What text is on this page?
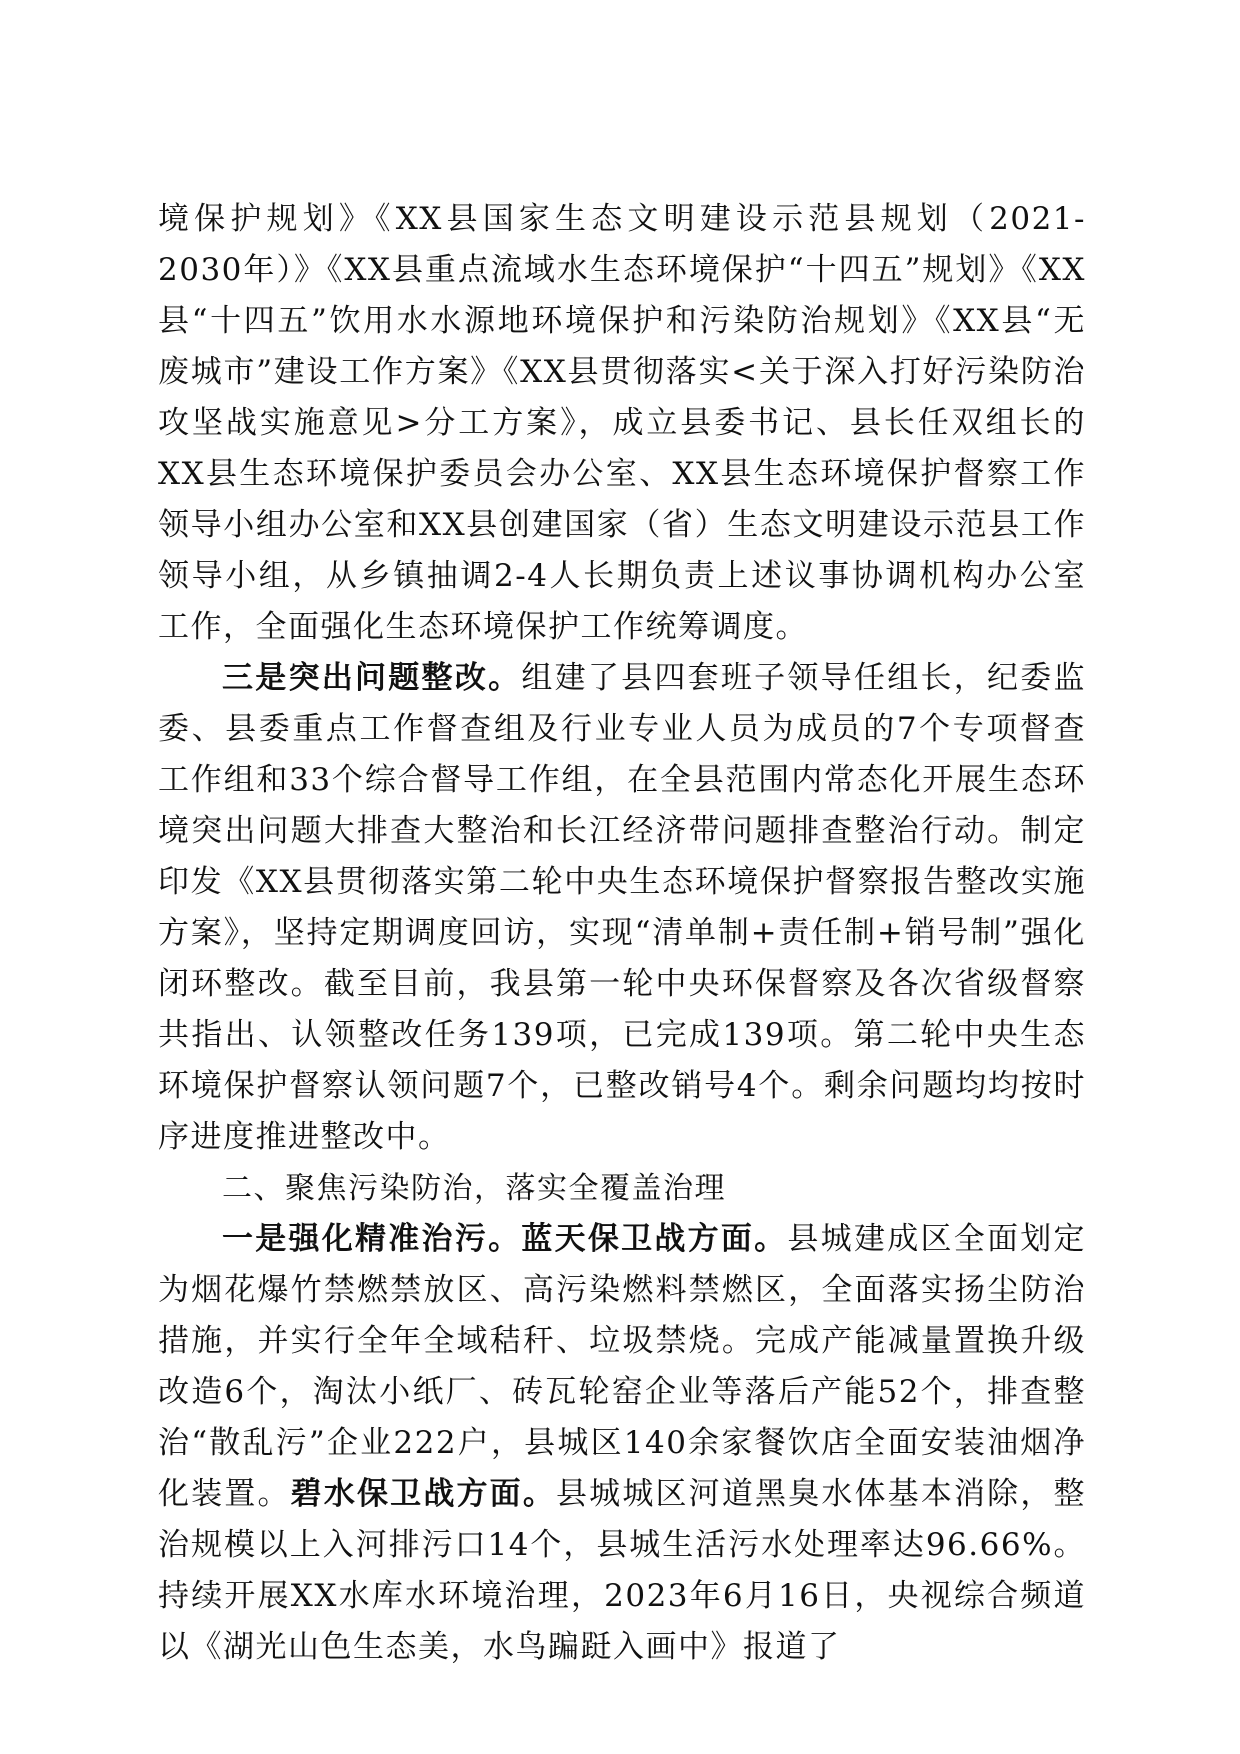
境保护规划》《XX县国家生态文明建设示范县规划（2021-2030年）》《XX县重点流域水生态环境保护“十四五”规划》《XX县“十四五”饮用水水源地环境保护和污染防治规划》《XX县“无废城市”建设工作方案》《XX县贯彻落实<关于深入打好污染防治攻坚战实施意见>分工方案》，成立县委书记、县长任双组长的XX县生态环境保护委员会办公室、XX县生态环境保护督察工作领导小组办公室和XX县创建国家（省）生态文明建设示范县工作领导小组，从乡镇抽调2-4人长期负责上述议事协调机构办公室工作，全面强化生态环境保护工作统筹调度。

三是突出问题整改。组建了县四套班子领导任组长，纪委监委、县委重点工作督查组及行业专业人员为成员的7个专项督查工作组和33个综合督导工作组，在全县范围内常态化开展生态环境突出问题大排查大整治和长江经济带问题排查整治行动。制定印发《XX县贯彻落实第二轮中央生态环境保护督察报告整改实施方案》，坚持定期调度回访，实现“清单制+责任制+销号制”强化闭环整改。截至目前，我县第一轮中央环保督察及各次省级督察共指出、认领整改任务139项，已完成139项。第二轮中央生态环境保护督察认领问题7个，已整改销号4个。剩余问题均均按时序进度推进整改中。

二、聚焦污染防治，落实全覆盖治理

一是强化精准治污。蓝天保卫战方面。县城建成区全面划定为烟花爆竹禁燃禁放区、高污染燃料禁燃区，全面落实扬尘防治措施，并实行全年全域秸秆、垃圾禁烧。完成产能减量置换升级改造6个，淘汰小纸厂、砖瓦轮窑企业等落后产能52个，排查整治“散乱污”企业222户，县城区140余家餐饮店全面安装油烟净化装置。碧水保卫战方面。县城城区河道黑臭水体基本消除，整治规模以上入河排污口14个，县城生活污水处理率达96.66%。持续开展XX水库水环境治理，2023年6月16日，央视综合频道以《湖光山色生态美，水鸟蹁跹入画中》报道了
